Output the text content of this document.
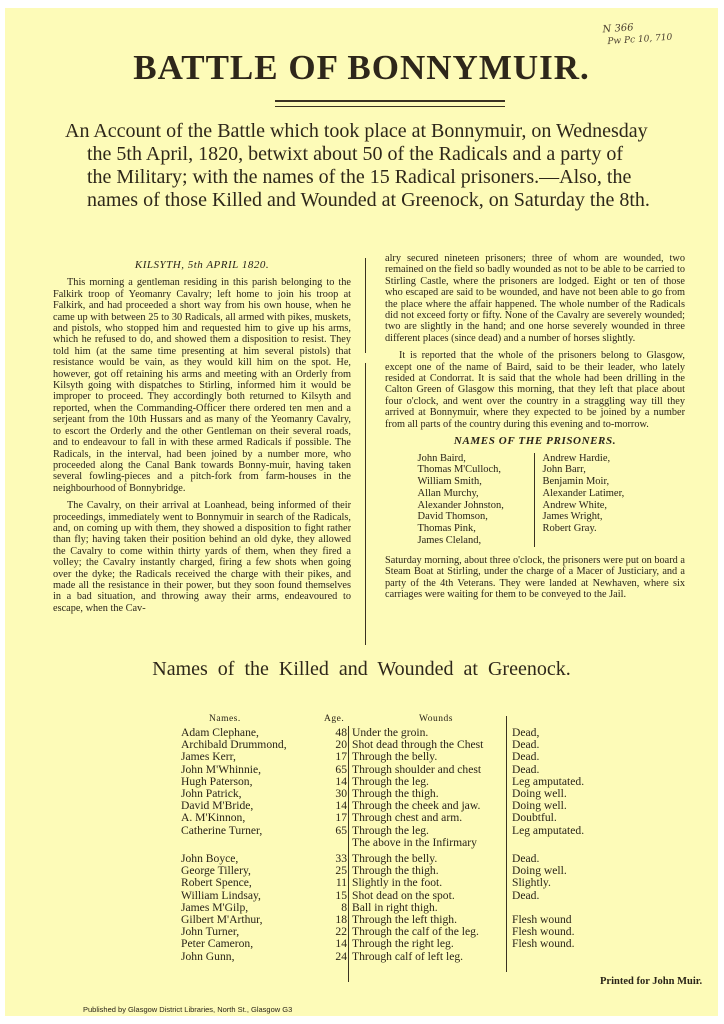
N 366
Pw Pc 10, 710
BATTLE OF BONNYMUIR.
An Account of the Battle which took place at Bonnymuir, on Wednesday
the 5th April, 1820, betwixt about 50 of the Radicals and a party of
the Military; with the names of the 15 Radical prisoners.—Also, the
names of those Killed and Wounded at Greenock, on Saturday the 8th.
KILSYTH, 5th APRIL 1820.

This morning a gentleman residing in this parish belonging to the Falkirk troop of Yeomanry Cavalry; left home to join his troop at Falkirk, and had proceeded a short way from his own house, when he came up with between 25 to 30 Radicals, all armed with pikes, muskets, and pistols, who stopped him and requested him to give up his arms, which he refused to do, and showed them a disposition to resist. They told him (at the same time presenting at him several pistols) that resistance would be vain, as they would kill him on the spot. He, however, got off retaining his arms and meeting with an Orderly from Kilsyth going with dispatches to Stirling, informed him it would be improper to proceed. They accordingly both returned to Kilsyth and reported, when the Commanding-Officer there ordered ten men and a serjeant from the 10th Hussars and as many of the Yeomanry Cavalry, to escort the Orderly and the other Gentleman on their several roads, and to endeavour to fall in with these armed Radicals if possible. The Radicals, in the interval, had been joined by a number more, who proceeded along the Canal Bank towards Bonny-muir, having taken several fowling-pieces and a pitch-fork from farm-houses in the neighbourhood of Bonnybridge.

The Cavalry, on their arrival at Loanhead, being informed of their proceedings, immediately went to Bonnymuir in search of the Radicals, and, on coming up with them, they showed a disposition to fight rather than fly; having taken their position behind an old dyke, they allowed the Cavalry to come within thirty yards of them, when they fired a volley; the Cavalry instantly charged, firing a few shots when going over the dyke; the Radicals received the charge with their pikes, and made all the resistance in their power, but they soon found themselves in a bad situation, and throwing away their arms, endeavoured to escape, when the Cav-

alry secured nineteen prisoners; three of whom are wounded, two remained on the field so badly wounded as not to be able to be carried to Stirling Castle, where the prisoners are lodged. Eight or ten of those who escaped are said to be wounded, and have not been able to go from the place where the affair happened. The whole number of the Radicals did not exceed forty or fifty. None of the Cavalry are severely wounded; two are slightly in the hand; and one horse severely wounded in three different places (since dead) and a number of horses slightly.

It is reported that the whole of the prisoners belong to Glasgow, except one of the name of Baird, said to be their leader, who lately resided at Condorrat. It is said that the whole had been drilling in the Calton Green of Glasgow this morning, that they left that place about four o'clock, and went over the country in a straggling way till they arrived at Bonnymuir, where they expected to be joined by a number from all parts of the country during this evening and to-morrow.

NAMES OF THE PRISONERS.
John Baird,
Thomas M'Culloch,
William Smith,
Allan Murchy,
Alexander Johnston,
David Thomson,
Thomas Pink,
James Cleland,
Andrew Hardie,
John Barr,
Benjamin Moir,
Alexander Latimer,
Andrew White,
James Wright,
Robert Gray.

Saturday morning, about three o'clock, the prisoners were put on board a Steam Boat at Stirling, under the charge of a Macer of Justiciary, and a party of the 4th Veterans. They were landed at Newhaven, where six carriages were waiting for them to be conveyed to the Jail.

Names of the Killed and Wounded at Greenock.
Names.	Age.	Wounds
Adam Clephane,	48 Under the groin.	Dead,
Archibald Drummond,	20 Shot dead through the Chest	Dead.
James Kerr,	17 Through the belly.	Dead.
John M'Whinnie,	65 Through shoulder and chest	Dead.
Hugh Paterson,	14 Through the leg.	Leg amputated.
John Patrick,	30 Through the thigh.	Doing well.
David M'Bride,	14 Through the cheek and jaw.	Doing well.
A. M'Kinnon,	17 Through chest and arm.	Doubtful.
Catherine Turner,	65 Through the leg.	Leg amputated.
The above in the Infirmary
John Boyce,	33 Through the belly.	Dead.
George Tillery,	25 Through the thigh.	Doing well.
Robert Spence,	11 Slightly in the foot.	Slightly.
William Lindsay,	15 Shot dead on the spot.	Dead.
James M'Gilp,	8 Ball in right thigh.
Gilbert M'Arthur,	18 Through the left thigh.	Flesh wound
John Turner,	22 Through the calf of the leg.	Flesh wound.
Peter Cameron,	14 Through the right leg.	Flesh wound.
John Gunn,	24 Through calf of left leg.
Printed for John Muir.
Published by Glasgow District Libraries, North St., Glasgow G3
